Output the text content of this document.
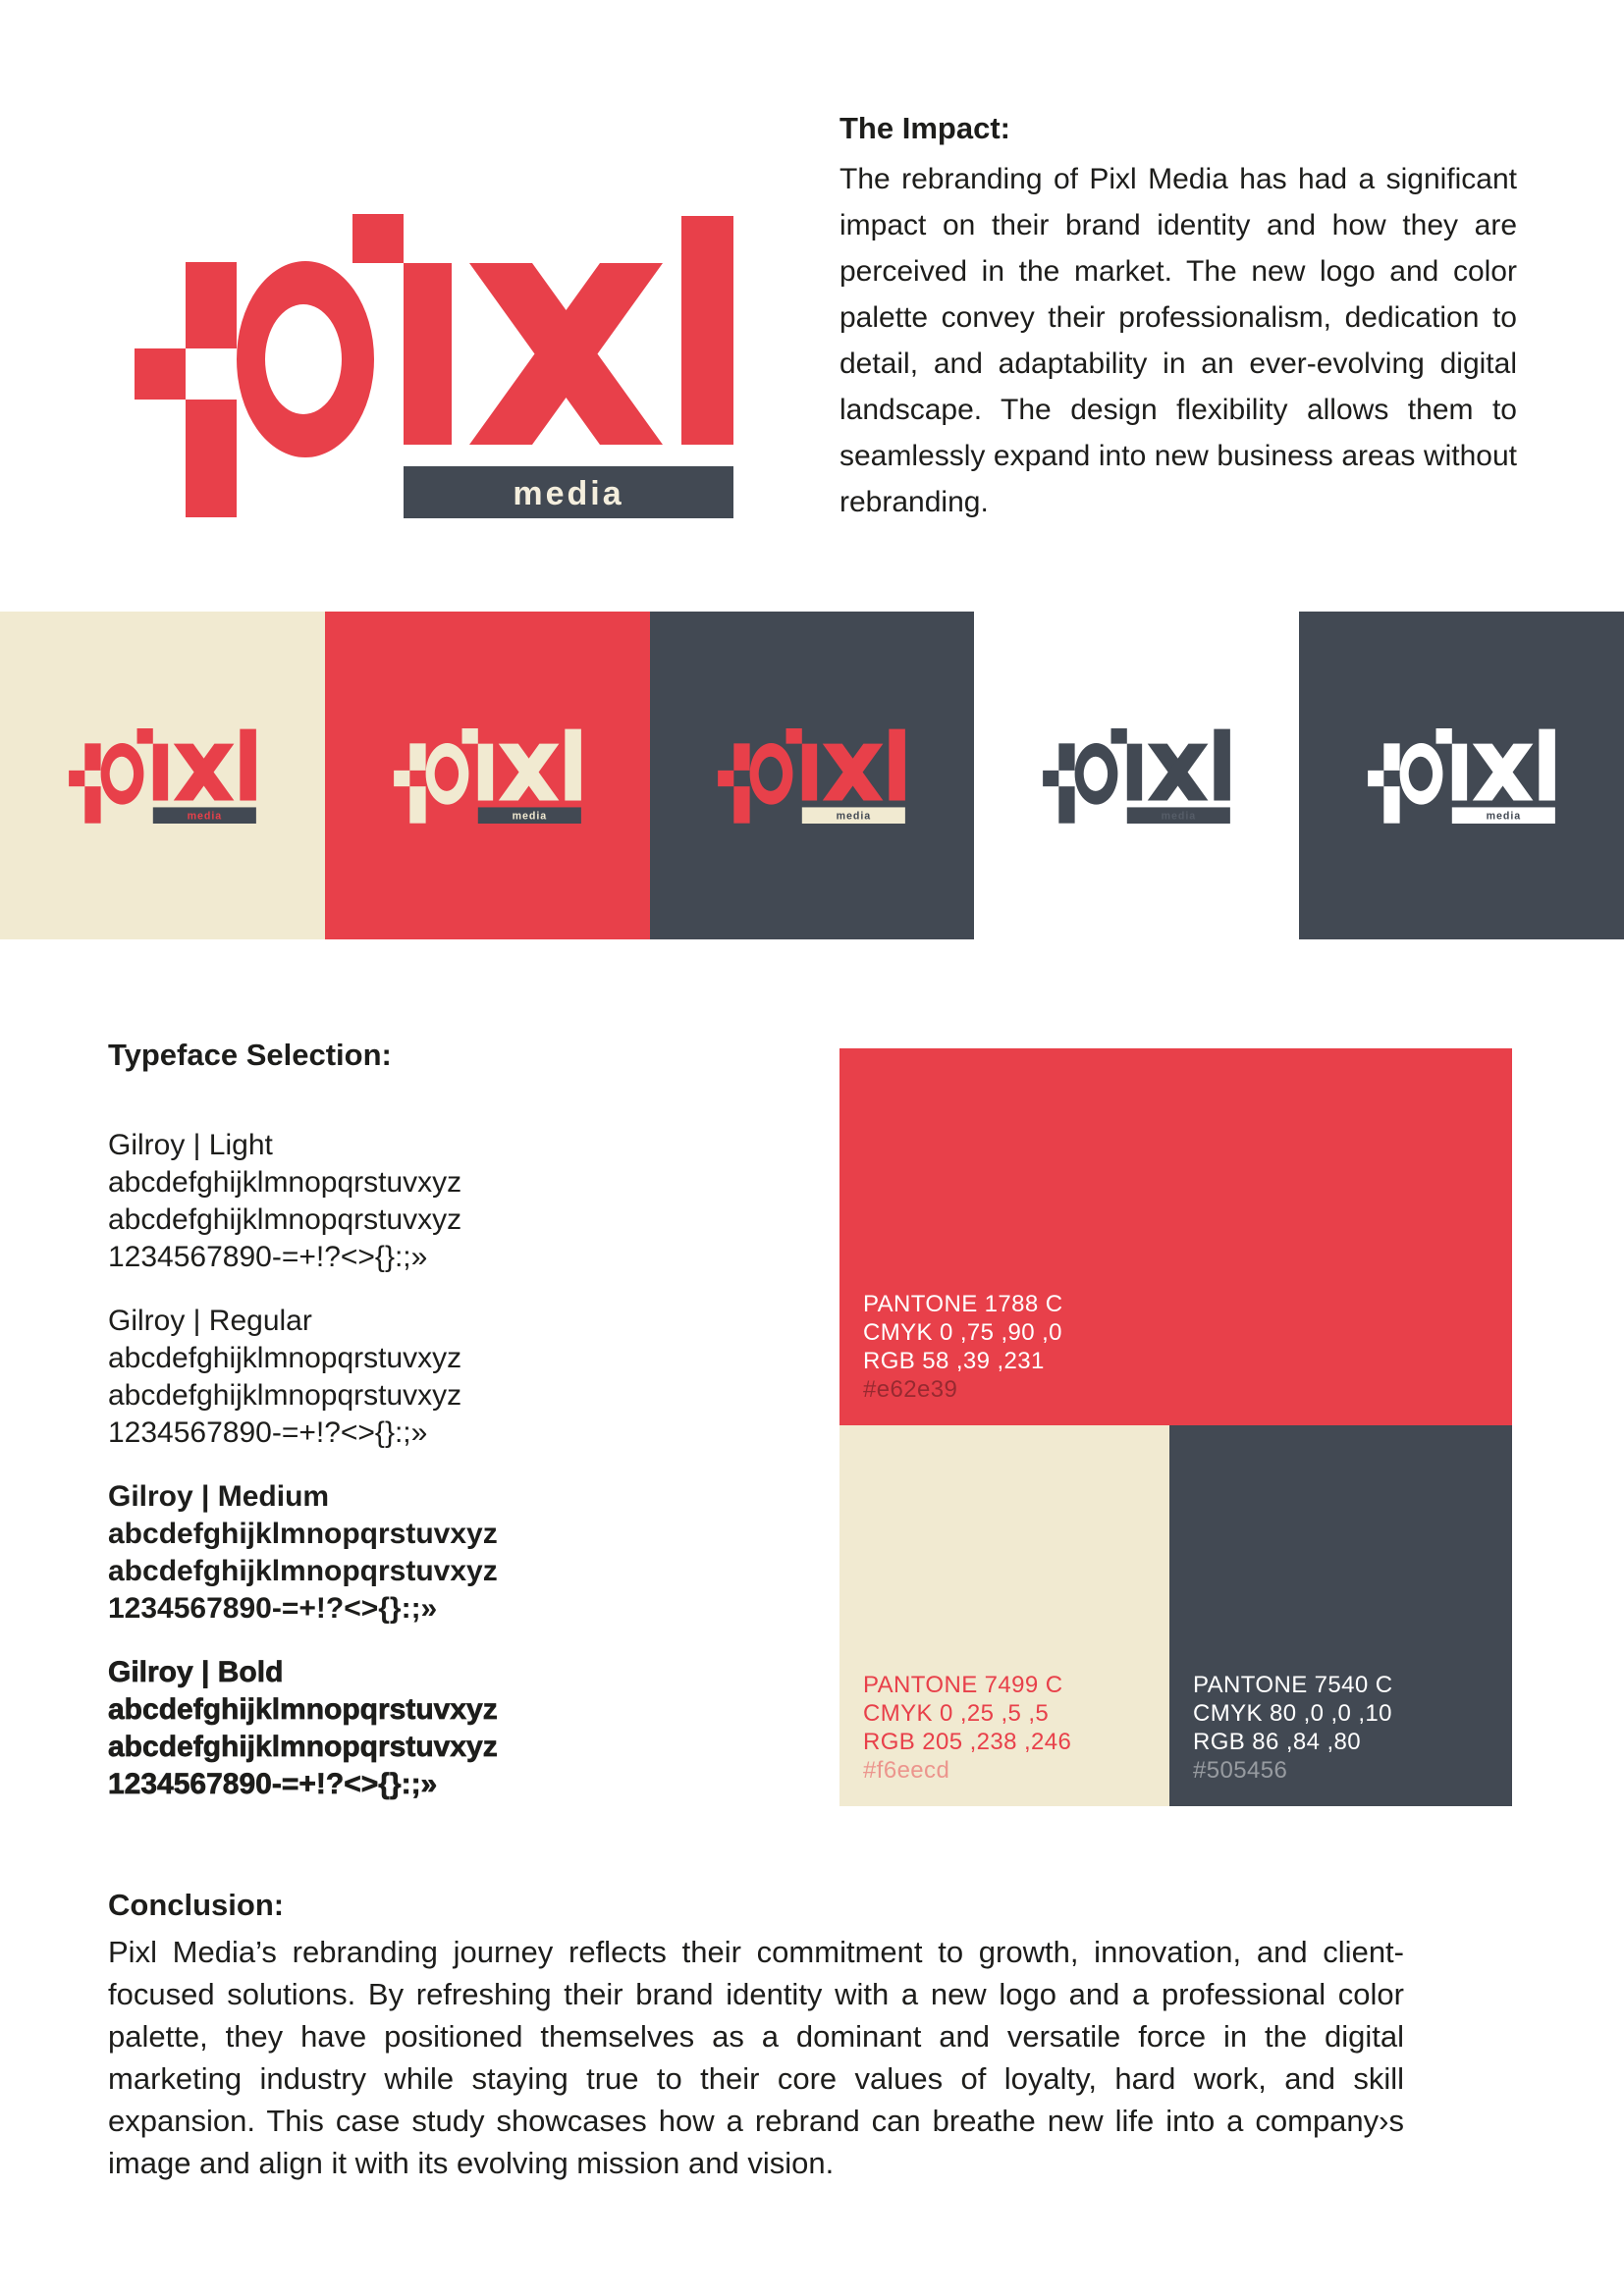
The Impact:

The rebranding of Pixl Media has had a significant impact on their brand identity and how they are perceived in the market. The new logo and color palette convey their professionalism, dedication to detail, and adaptability in an ever-evolving digital landscape. The design flexibility allows them to seamlessly expand into new business areas without rebranding.

Typeface Selection:
Gilroy | Light
abcdefghijklmnopqrstuvxyz
abcdefghijklmnopqrstuvxyz
1234567890-=+!?<>{}:;»
Gilroy | Regular
abcdefghijklmnopqrstuvxyz
abcdefghijklmnopqrstuvxyz
1234567890-=+!?<>{}:;»
Gilroy | Medium
abcdefghijklmnopqrstuvxyz
abcdefghijklmnopqrstuvxyz
1234567890-=+!?<>{}:;»
Gilroy | Bold
abcdefghijklmnopqrstuvxyz
abcdefghijklmnopqrstuvxyz
1234567890-=+!?<>{}:;»
PANTONE 1788 C
CMYK 0 ,75 ,90 ,0
RGB 58 ,39 ,231
#e62e39
PANTONE 7499 C
CMYK 0 ,25 ,5 ,5
RGB 205 ,238 ,246
#f6eecd
PANTONE 7540 C
CMYK 80 ,0 ,0 ,10
RGB 86 ,84 ,80
#505456
Conclusion:

Pixl Media’s rebranding journey reflects their commitment to growth, innovation, and client-focused solutions. By refreshing their brand identity with a new logo and a professional color palette, they have positioned themselves as a dominant and versatile force in the digital marketing industry while staying true to their core values of loyalty, hard work, and skill expansion. This case study showcases how a rebrand can breathe new life into a company›s image and align it with its evolving mission and vision.
